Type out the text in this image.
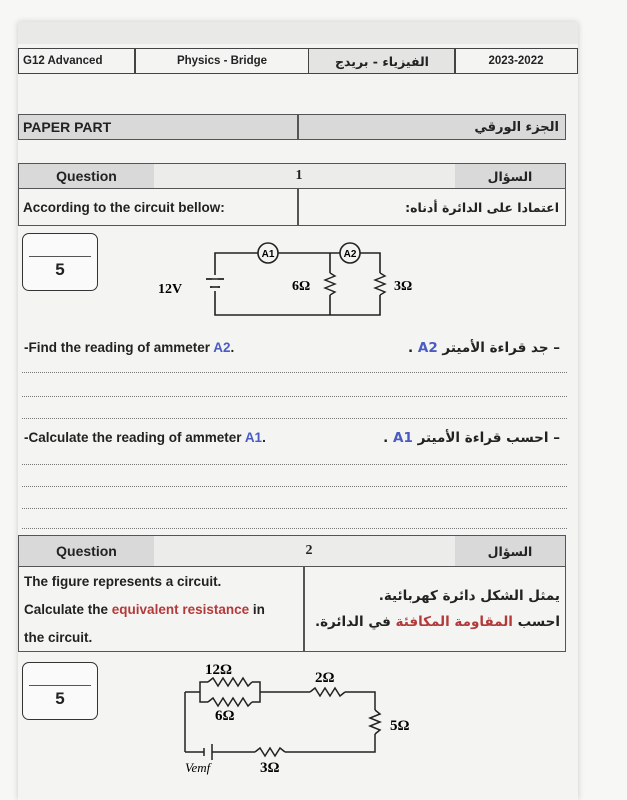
G12 Advanced	Physics - Bridge	الفيزياء - بريدج	2023-2022
PAPER PART	الجزء الورقي
Question	1	السؤال
According to the circuit bellow:	اعتمادا على الدائرة أدناه:
5
A1	A2
12V	6Ω	3Ω
-Find the reading of ammeter A2.	– جد قراءة الأميتر A2 .
-Calculate the reading of ammeter A1.	– احسب قراءة الأميتر A1 .
Question	2	السؤال
The figure represents a circuit.
Calculate the equivalent resistance in
the circuit.
يمثل الشكل دائرة كهربائية.
احسب المقاومة المكافئة في الدائرة.
5
12Ω
6Ω
2Ω
5Ω
3Ω
Vemf
